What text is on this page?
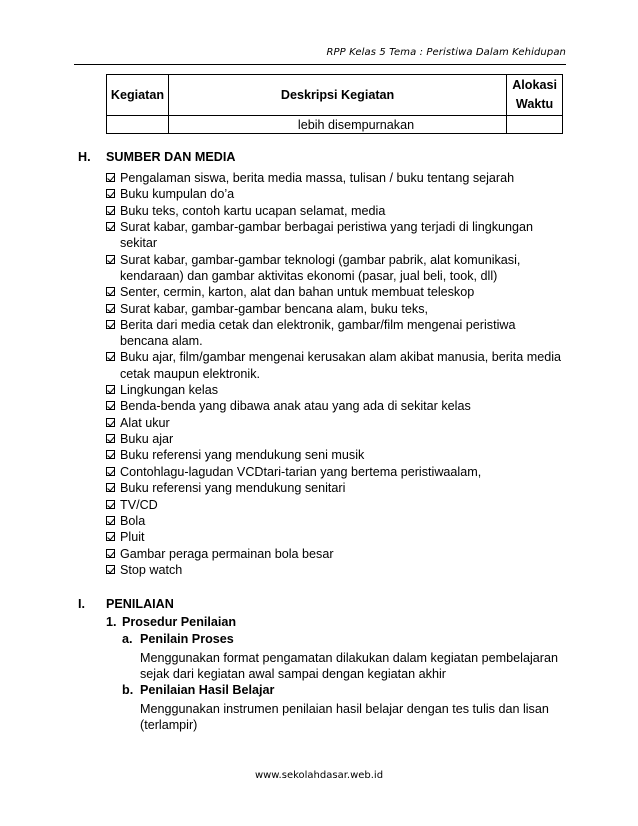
RPP Kelas 5 Tema : Peristiwa Dalam Kehidupan
Kegiatan	Deskripsi Kegiatan	Alokasi
Waktu
	lebih disempurnakan	
H. SUMBER DAN MEDIA
Pengalaman siswa, berita media massa, tulisan / buku tentang sejarah
Buku kumpulan do’a
Buku teks, contoh kartu ucapan selamat, media
Surat kabar, gambar-gambar berbagai peristiwa yang terjadi di lingkungan sekitar
Surat kabar, gambar-gambar teknologi (gambar pabrik, alat komunikasi, kendaraan) dan gambar aktivitas ekonomi (pasar, jual beli, took, dll)
Senter, cermin, karton, alat dan bahan untuk membuat teleskop
Surat kabar, gambar-gambar bencana alam, buku teks,
Berita dari media cetak dan elektronik, gambar/film mengenai peristiwa bencana alam.
Buku ajar, film/gambar mengenai kerusakan alam akibat manusia, berita media cetak maupun elektronik.
Lingkungan kelas
Benda-benda yang dibawa anak atau yang ada di sekitar kelas
Alat ukur
Buku ajar
Buku referensi yang mendukung seni musik
Contohlagu-lagudan VCDtari-tarian yang bertema peristiwaalam,
Buku referensi yang mendukung senitari
TV/CD
Bola
Pluit
Gambar peraga permainan bola besar
Stop watch
I. PENILAIAN
1. Prosedur Penilaian
a. Penilain Proses
Menggunakan format pengamatan dilakukan dalam kegiatan pembelajaran sejak dari kegiatan awal sampai dengan kegiatan akhir
b. Penilaian Hasil Belajar
Menggunakan instrumen penilaian hasil belajar dengan tes tulis dan lisan (terlampir)
www.sekolahdasar.web.id
